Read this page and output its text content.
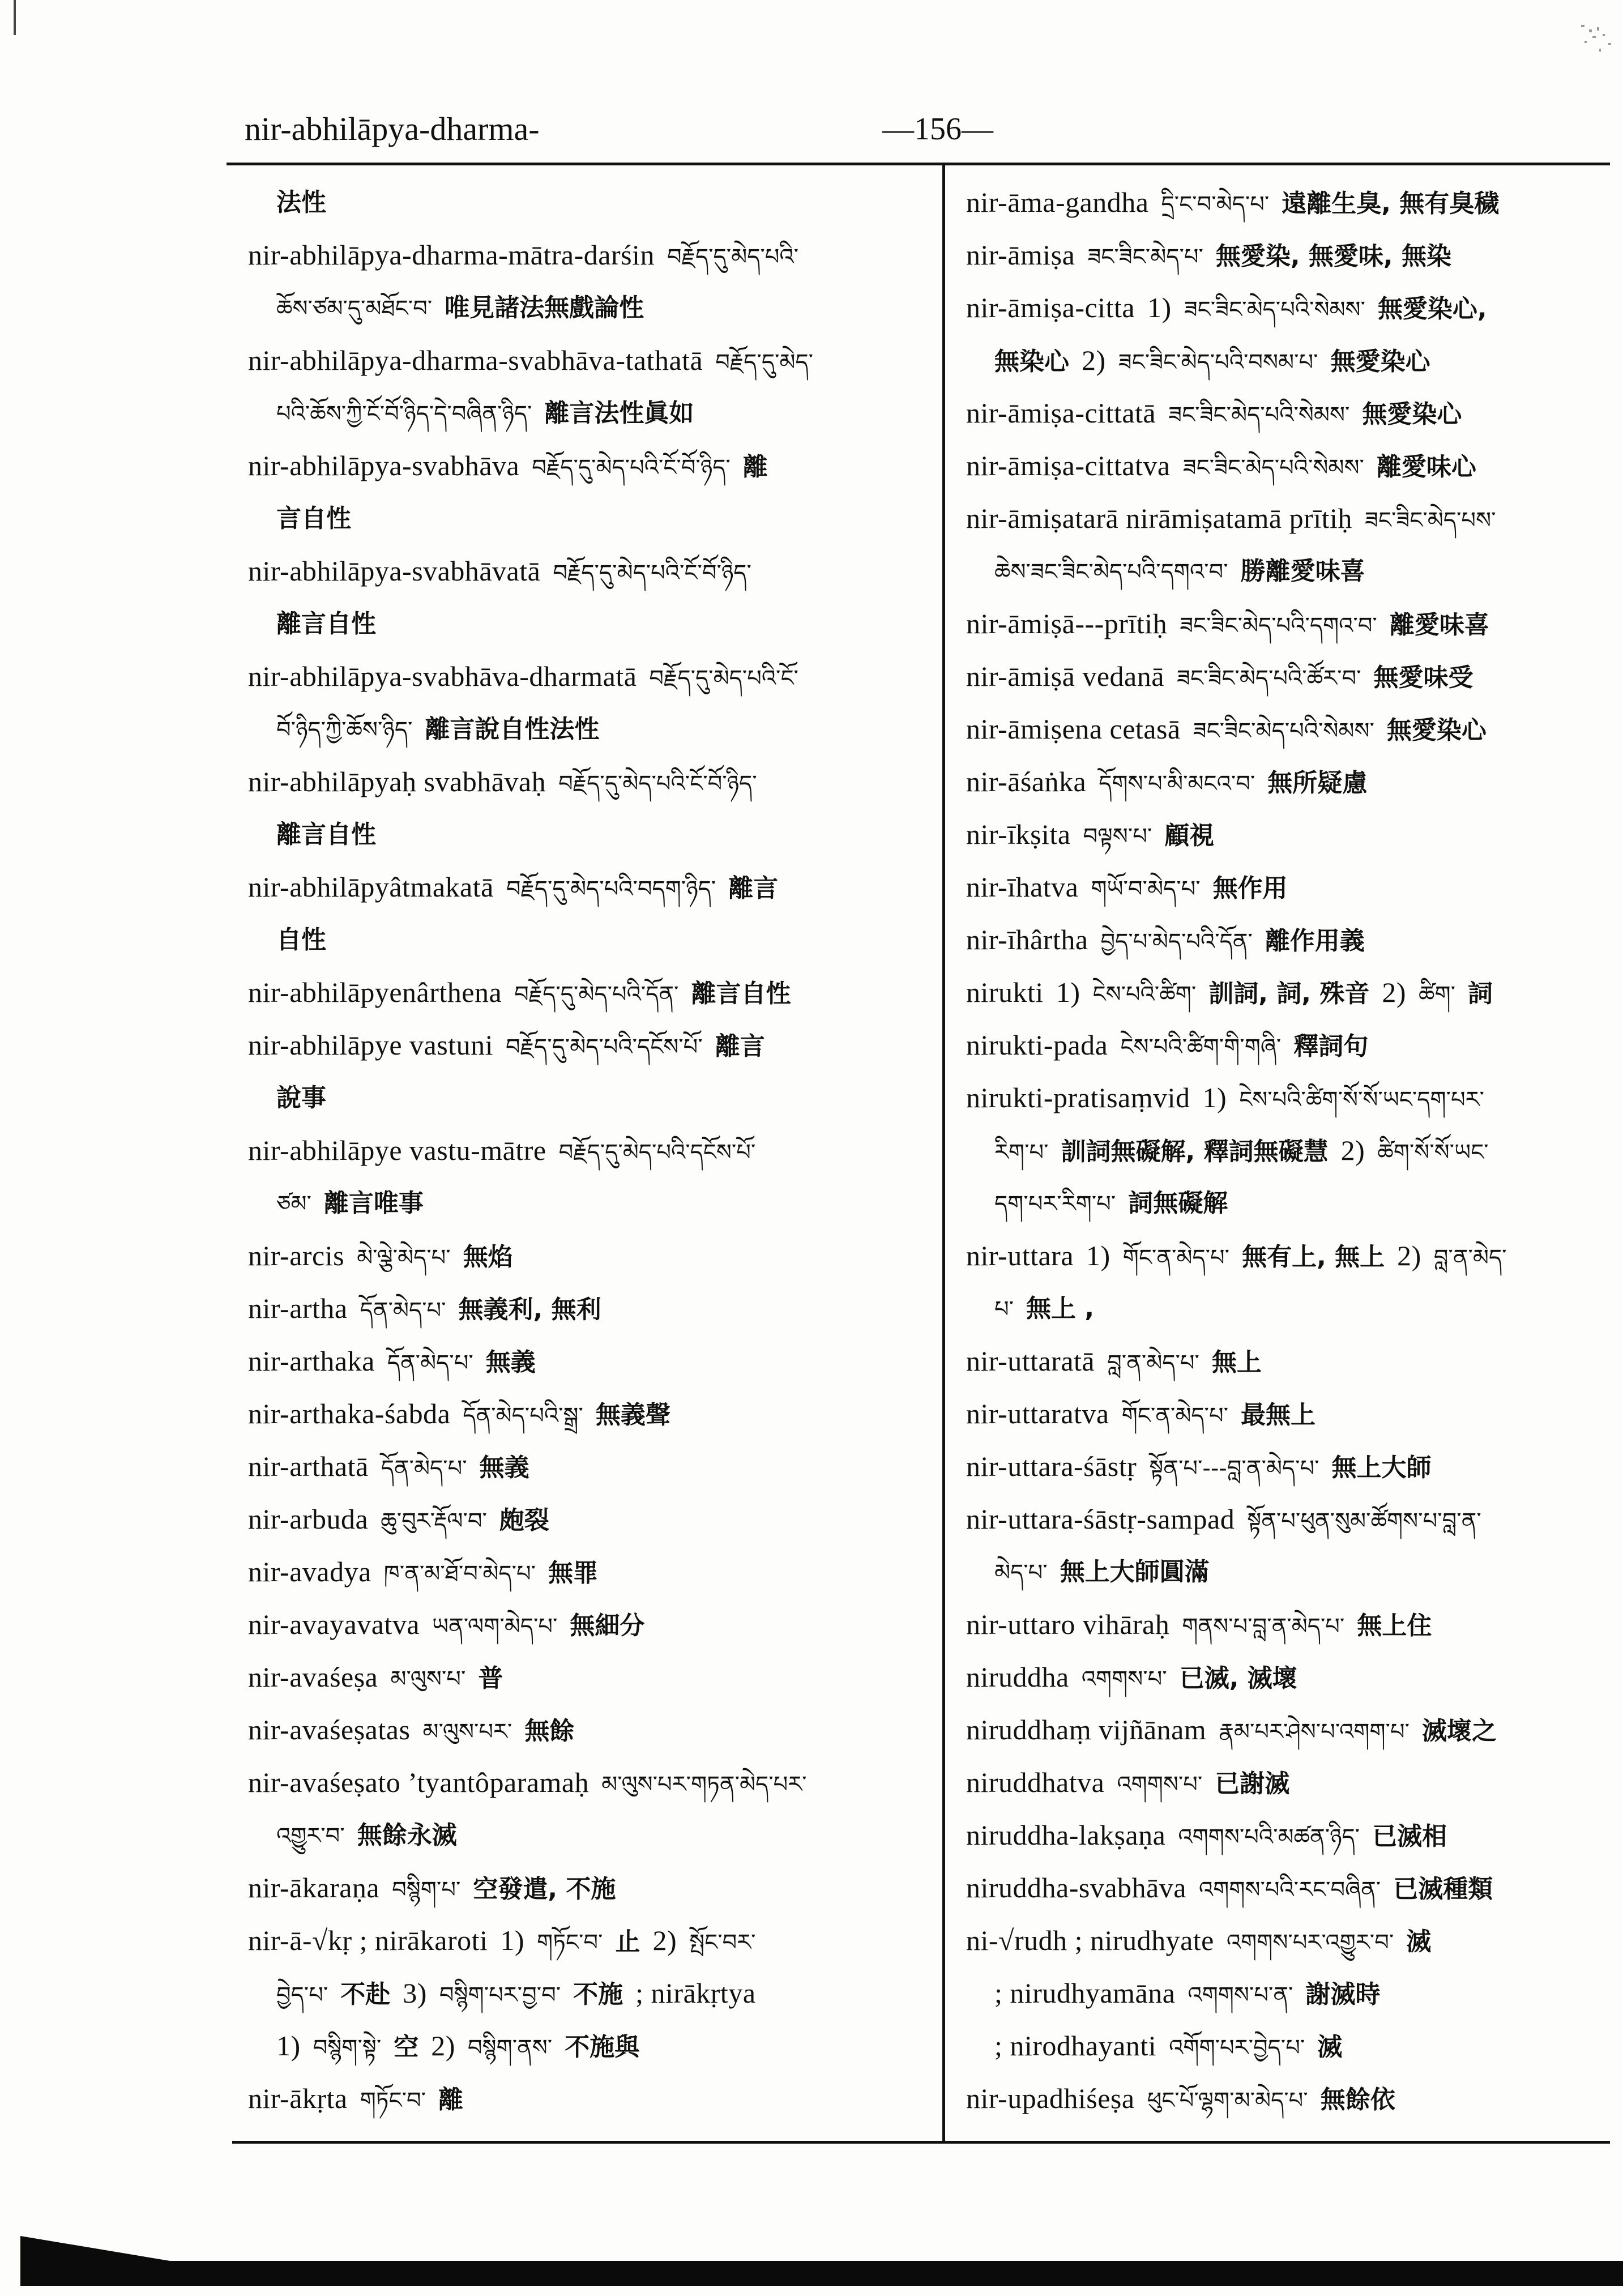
nir-abhilāpya-dharma-	—156—
法性
nir-abhilāpya-dharma-mātra-darśin བརྗོད་དུ་མེད་པའི་
ཆོས་ཙམ་དུ་མཐོང་བ་ 唯見諸法無戲論性
nir-abhilāpya-dharma-svabhāva-tathatā བརྗོད་དུ་མེད་
པའི་ཆོས་ཀྱི་ངོ་བོ་ཉིད་དེ་བཞིན་ཉིད་ 離言法性眞如
nir-abhilāpya-svabhāva བརྗོད་དུ་མེད་པའི་ངོ་བོ་ཉིད་ 離
言自性
nir-abhilāpya-svabhāvatā བརྗོད་དུ་མེད་པའི་ངོ་བོ་ཉིད་
離言自性
nir-abhilāpya-svabhāva-dharmatā བརྗོད་དུ་མེད་པའི་ངོ་
བོ་ཉིད་ཀྱི་ཆོས་ཉིད་ 離言說自性法性
nir-abhilāpyaḥ svabhāvaḥ བརྗོད་དུ་མེད་པའི་ངོ་བོ་ཉིད་
離言自性
nir-abhilāpyâtmakatā བརྗོད་དུ་མེད་པའི་བདག་ཉིད་ 離言
自性
nir-abhilāpyenârthena བརྗོད་དུ་མེད་པའི་དོན་ 離言自性
nir-abhilāpye vastuni བརྗོད་དུ་མེད་པའི་དངོས་པོ་ 離言
說事
nir-abhilāpye vastu-mātre བརྗོད་དུ་མེད་པའི་དངོས་པོ་
ཙམ་ 離言唯事
nir-arcis མེ་ལྕེ་མེད་པ་ 無焰
nir-artha དོན་མེད་པ་ 無義利, 無利
nir-arthaka དོན་མེད་པ་ 無義
nir-arthaka-śabda དོན་མེད་པའི་སྒྲ་ 無義聲
nir-arthatā དོན་མེད་པ་ 無義
nir-arbuda ཆུ་བུར་རྡོལ་བ་ 皰裂
nir-avadya ཁ་ན་མ་ཐོ་བ་མེད་པ་ 無罪
nir-avayavatva ཡན་ལག་མེད་པ་ 無細分
nir-avaśeṣa མ་ལུས་པ་ 普
nir-avaśeṣatas མ་ལུས་པར་ 無餘
nir-avaśeṣato ’tyantôparamaḥ མ་ལུས་པར་གཏན་མེད་པར་
འགྱུར་བ་ 無餘永滅
nir-ākaraṇa བསྙིག་པ་ 空發遣, 不施
nir-ā-√kṛ ; nirākaroti 1) གཏོང་བ་ 止 2) སྤོང་བར་
བྱེད་པ་ 不赴 3) བསྙིག་པར་བྱ་བ་ 不施 ; nirākṛtya
1) བསྙིག་སྟེ་ 空 2) བསྙིག་ནས་ 不施與
nir-ākṛta གཏོང་བ་ 離
nir-āma-gandha དྲི་ང་བ་མེད་པ་ 遠離生臭, 無有臭穢
nir-āmiṣa ཟང་ཟིང་མེད་པ་ 無愛染, 無愛味, 無染
nir-āmiṣa-citta 1) ཟང་ཟིང་མེད་པའི་སེམས་ 無愛染心,
無染心 2) ཟང་ཟིང་མེད་པའི་བསམ་པ་ 無愛染心
nir-āmiṣa-cittatā ཟང་ཟིང་མེད་པའི་སེམས་ 無愛染心
nir-āmiṣa-cittatva ཟང་ཟིང་མེད་པའི་སེམས་ 離愛味心
nir-āmiṣatarā nirāmiṣatamā prītiḥ ཟང་ཟིང་མེད་པས་
ཆེས་ཟང་ཟིང་མེད་པའི་དགའ་བ་ 勝離愛味喜
nir-āmiṣā---prītiḥ ཟང་ཟིང་མེད་པའི་དགའ་བ་ 離愛味喜
nir-āmiṣā vedanā ཟང་ཟིང་མེད་པའི་ཚོར་བ་ 無愛味受
nir-āmiṣena cetasā ཟང་ཟིང་མེད་པའི་སེམས་ 無愛染心
nir-āśaṅka དོགས་པ་མི་མངའ་བ་ 無所疑慮
nir-īkṣita བལྟས་པ་ 顧視
nir-īhatva གཡོ་བ་མེད་པ་ 無作用
nir-īhârtha བྱེད་པ་མེད་པའི་དོན་ 離作用義
nirukti 1) ངེས་པའི་ཚིག་ 訓詞, 詞, 殊音 2) ཚིག་ 詞
nirukti-pada ངེས་པའི་ཚིག་གི་གཞི་ 釋詞句
nirukti-pratisaṃvid 1) ངེས་པའི་ཚིག་སོ་སོ་ཡང་དག་པར་
རིག་པ་ 訓詞無礙解, 釋詞無礙慧 2) ཚིག་སོ་སོ་ཡང་
དག་པར་རིག་པ་ 詞無礙解
nir-uttara 1) གོང་ན་མེད་པ་ 無有上, 無上 2) བླ་ན་མེད་
པ་ 無上 ,
nir-uttaratā བླ་ན་མེད་པ་ 無上
nir-uttaratva གོང་ན་མེད་པ་ 最無上
nir-uttara-śāstṛ སྟོན་པ་---བླ་ན་མེད་པ་ 無上大師
nir-uttara-śāstṛ-sampad སྟོན་པ་ཕུན་སུམ་ཚོགས་པ་བླ་ན་
མེད་པ་ 無上大師圓滿
nir-uttaro vihāraḥ གནས་པ་བླ་ན་མེད་པ་ 無上住
niruddha འགགས་པ་ 已滅, 滅壞
niruddhaṃ vijñānam རྣམ་པར་ཤེས་པ་འགག་པ་ 滅壞之
niruddhatva འགགས་པ་ 已謝滅
niruddha-lakṣaṇa འགགས་པའི་མཚན་ཉིད་ 已滅相
niruddha-svabhāva འགགས་པའི་རང་བཞིན་ 已滅種類
ni-√rudh ; nirudhyate འགགས་པར་འགྱུར་བ་ 滅
; nirudhyamāna འགགས་པ་ན་ 謝滅時
; nirodhayanti འགོག་པར་བྱེད་པ་ 滅
nir-upadhiśeṣa ཕུང་པོ་ལྷག་མ་མེད་པ་ 無餘依
